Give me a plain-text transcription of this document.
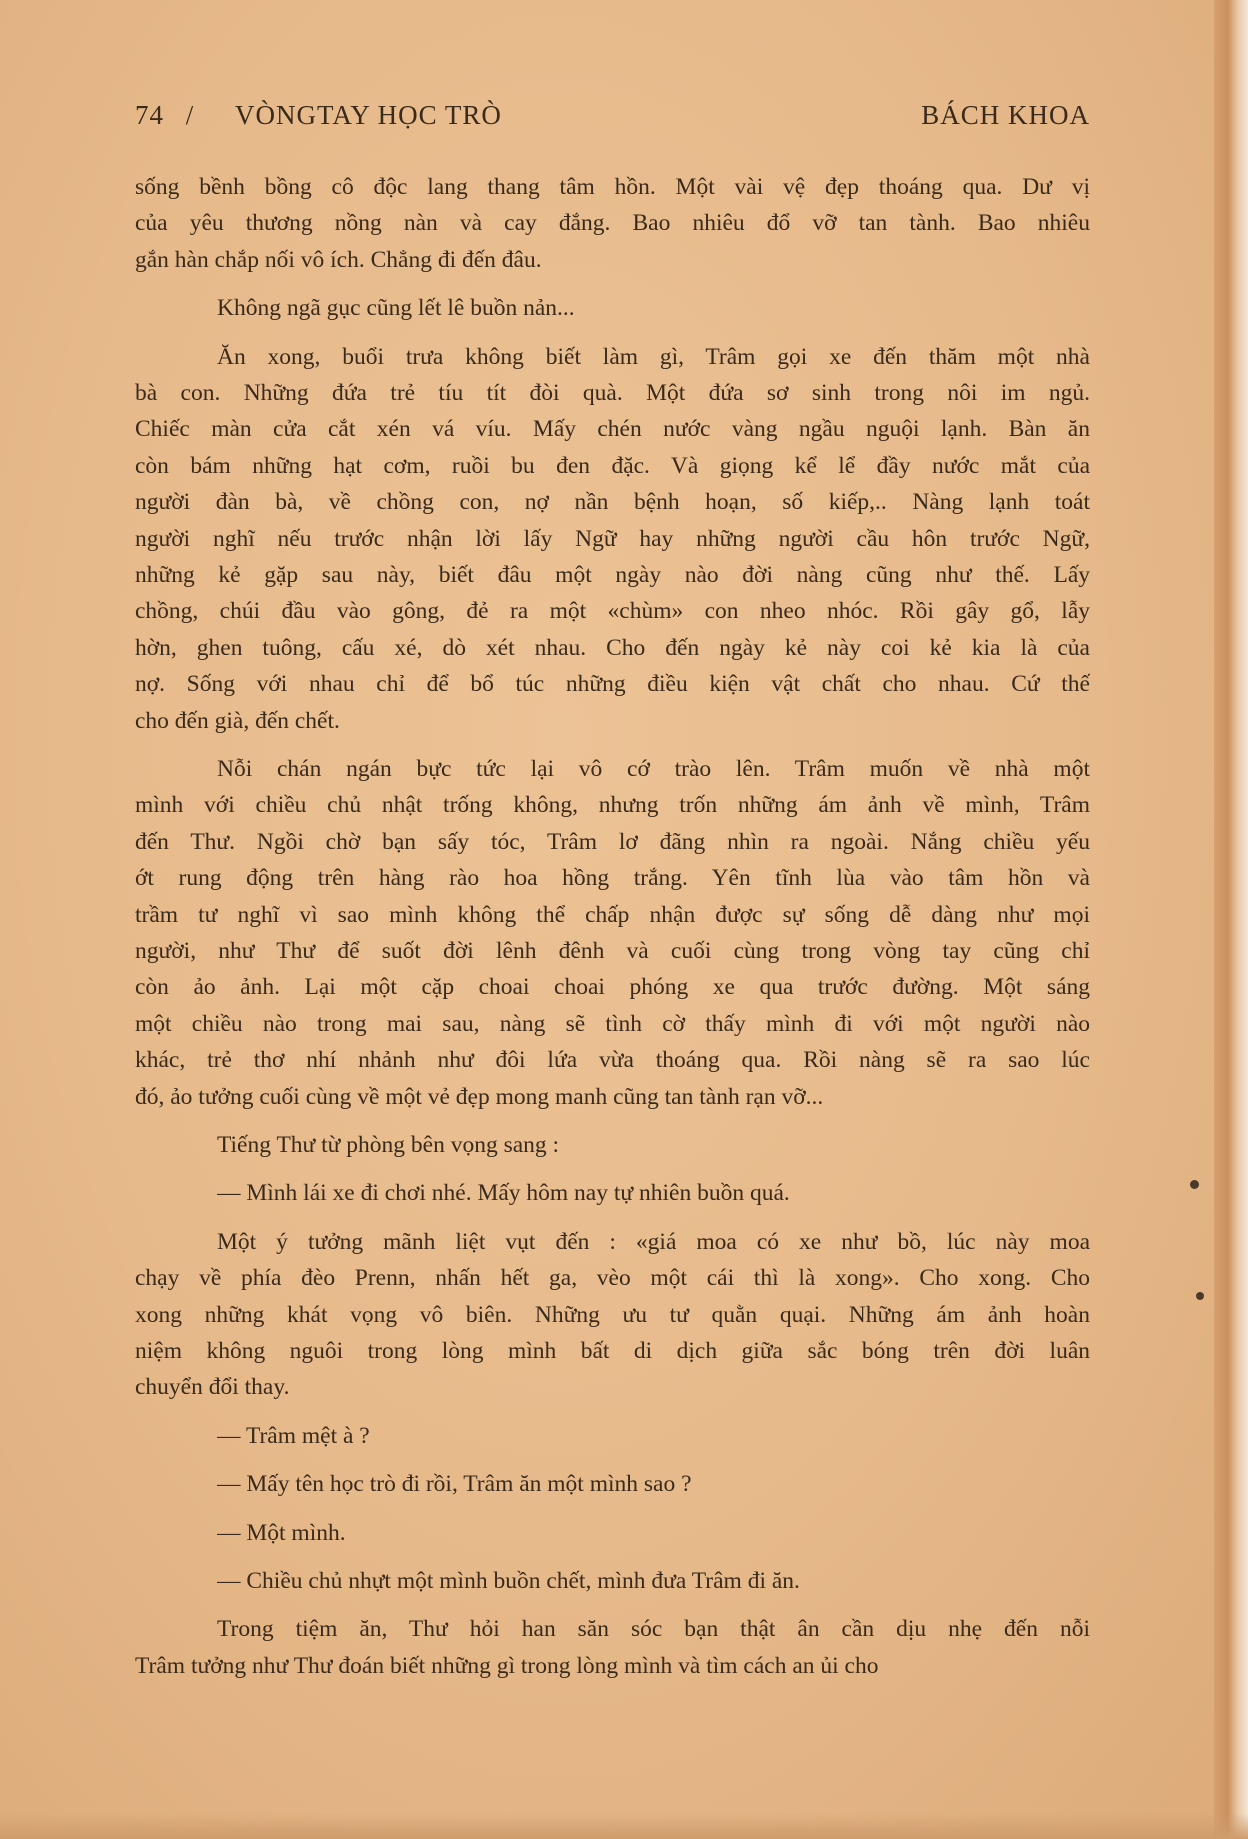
74 / VÒNGTAY HỌC TRÒ	BÁCH KHOA
sống bềnh bồng cô độc lang thang tâm hồn. Một vài vệ đẹp thoáng qua. Dư vị
của yêu thương nồng nàn và cay đắng. Bao nhiêu đổ vỡ tan tành. Bao nhiêu
gắn hàn chắp nối vô ích. Chẳng đi đến đâu.
Không ngã gục cũng lết lê buồn nản...
Ăn xong, buổi trưa không biết làm gì, Trâm gọi xe đến thăm một nhà
bà con. Những đứa trẻ tíu tít đòi quà. Một đứa sơ sinh trong nôi im ngủ.
Chiếc màn cửa cắt xén vá víu. Mấy chén nước vàng ngầu nguội lạnh. Bàn ăn
còn bám những hạt cơm, ruồi bu đen đặc. Và giọng kể lể đầy nước mắt của
người đàn bà, về chồng con, nợ nần bệnh hoạn, số kiếp,.. Nàng lạnh toát
người nghĩ nếu trước nhận lời lấy Ngữ hay những người cầu hôn trước Ngữ,
những kẻ gặp sau này, biết đâu một ngày nào đời nàng cũng như thế. Lấy
chồng, chúi đầu vào gông, đẻ ra một «chùm» con nheo nhóc. Rồi gây gổ, lẫy
hờn, ghen tuông, cấu xé, dò xét nhau. Cho đến ngày kẻ này coi kẻ kia là của
nợ. Sống với nhau chỉ để bổ túc những điều kiện vật chất cho nhau. Cứ thế
cho đến già, đến chết.
Nỗi chán ngán bực tức lại vô cớ trào lên. Trâm muốn về nhà một
mình với chiều chủ nhật trống không, nhưng trốn những ám ảnh về mình, Trâm
đến Thư. Ngồi chờ bạn sấy tóc, Trâm lơ đãng nhìn ra ngoài. Nắng chiều yếu
ớt rung động trên hàng rào hoa hồng trắng. Yên tĩnh lùa vào tâm hồn và
trầm tư nghĩ vì sao mình không thể chấp nhận được sự sống dễ dàng như mọi
người, như Thư để suốt đời lênh đênh và cuối cùng trong vòng tay cũng chỉ
còn ảo ảnh. Lại một cặp choai choai phóng xe qua trước đường. Một sáng
một chiều nào trong mai sau, nàng sẽ tình cờ thấy mình đi với một người nào
khác, trẻ thơ nhí nhảnh như đôi lứa vừa thoáng qua. Rồi nàng sẽ ra sao lúc
đó, ảo tưởng cuối cùng về một vẻ đẹp mong manh cũng tan tành rạn vỡ...
Tiếng Thư từ phòng bên vọng sang :
— Mình lái xe đi chơi nhé. Mấy hôm nay tự nhiên buồn quá.
Một ý tưởng mãnh liệt vụt đến : «giá moa có xe như bồ, lúc này moa
chạy về phía đèo Prenn, nhấn hết ga, vèo một cái thì là xong». Cho xong. Cho
xong những khát vọng vô biên. Những ưu tư quằn quại. Những ám ảnh hoàn
niệm không nguôi trong lòng mình bất di dịch giữa sắc bóng trên đời luân
chuyển đổi thay.
— Trâm mệt à ?
— Mấy tên học trò đi rồi, Trâm ăn một mình sao ?
— Một mình.
— Chiều chủ nhựt một mình buồn chết, mình đưa Trâm đi ăn.
Trong tiệm ăn, Thư hỏi han săn sóc bạn thật ân cần dịu nhẹ đến nỗi
Trâm tưởng như Thư đoán biết những gì trong lòng mình và tìm cách an ủi cho
